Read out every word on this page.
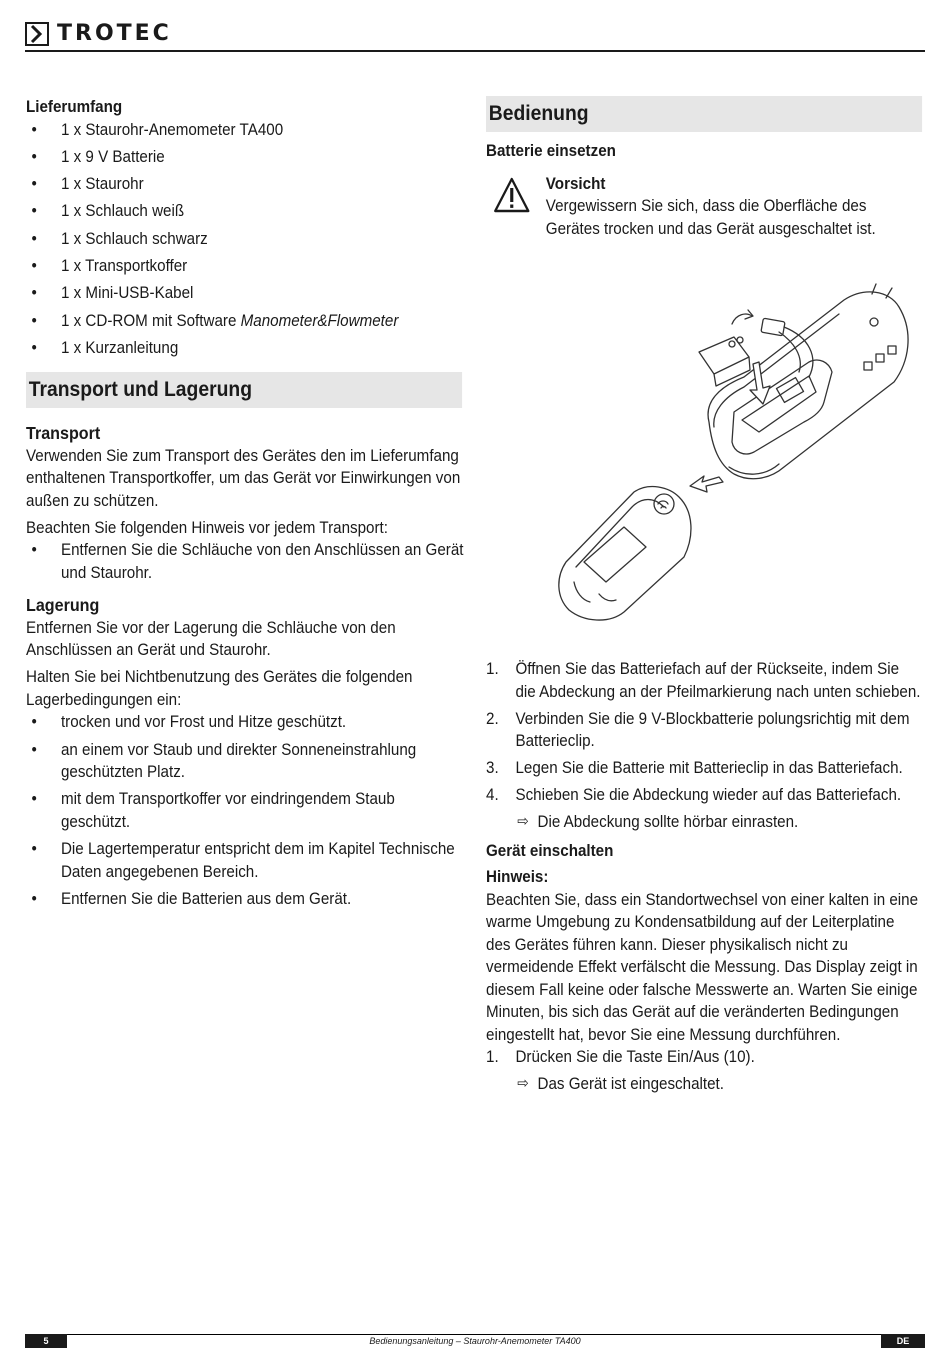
TROTEC
Lieferumfang
• 1 x Staurohr-Anemometer TA400
• 1 x 9 V Batterie
• 1 x Staurohr
• 1 x Schlauch weiß
• 1 x Schlauch schwarz
• 1 x Transportkoffer
• 1 x Mini-USB-Kabel
• 1 x CD-ROM mit Software Manometer&Flowmeter
• 1 x Kurzanleitung
Transport und Lagerung
Transport

Verwenden Sie zum Transport des Gerätes den im Lieferumfang enthaltenen Transportkoffer, um das Gerät vor Einwirkungen von außen zu schützen.

Beachten Sie folgenden Hinweis vor jedem Transport:

• Entfernen Sie die Schläuche von den Anschlüssen an Gerät und Staurohr.
Lagerung

Entfernen Sie vor der Lagerung die Schläuche von den Anschlüssen an Gerät und Staurohr.

Halten Sie bei Nichtbenutzung des Gerätes die folgenden Lagerbedingungen ein:

• trocken und vor Frost und Hitze geschützt.
• an einem vor Staub und direkter Sonneneinstrahlung geschützten Platz.
• mit dem Transportkoffer vor eindringendem Staub geschützt.
• Die Lagertemperatur entspricht dem im Kapitel Technische Daten angegebenen Bereich.
• Entfernen Sie die Batterien aus dem Gerät.
Bedienung
Batterie einsetzen
Vorsicht

Vergewissern Sie sich, dass die Oberfläche des Gerätes trocken und das Gerät ausgeschaltet ist.

1. Öffnen Sie das Batteriefach auf der Rückseite, indem Sie die Abdeckung an der Pfeilmarkierung nach unten schieben.
2. Verbinden Sie die 9 V-Blockbatterie polungsrichtig mit dem Batterieclip.
3. Legen Sie die Batterie mit Batterieclip in das Batteriefach.
4. Schieben Sie die Abdeckung wieder auf das Batteriefach.
⇨ Die Abdeckung sollte hörbar einrasten.
Gerät einschalten
Hinweis:

Beachten Sie, dass ein Standortwechsel von einer kalten in eine warme Umgebung zu Kondensatbildung auf der Leiterplatine des Gerätes führen kann. Dieser physikalisch nicht zu vermeidende Effekt verfälscht die Messung. Das Display zeigt in diesem Fall keine oder falsche Messwerte an. Warten Sie einige Minuten, bis sich das Gerät auf die veränderten Bedingungen eingestellt hat, bevor Sie eine Messung durchführen.

1. Drücken Sie die Taste Ein/Aus (10).
⇨ Das Gerät ist eingeschaltet.
5	Bedienungsanleitung – Staurohr-Anemometer TA400	DE
